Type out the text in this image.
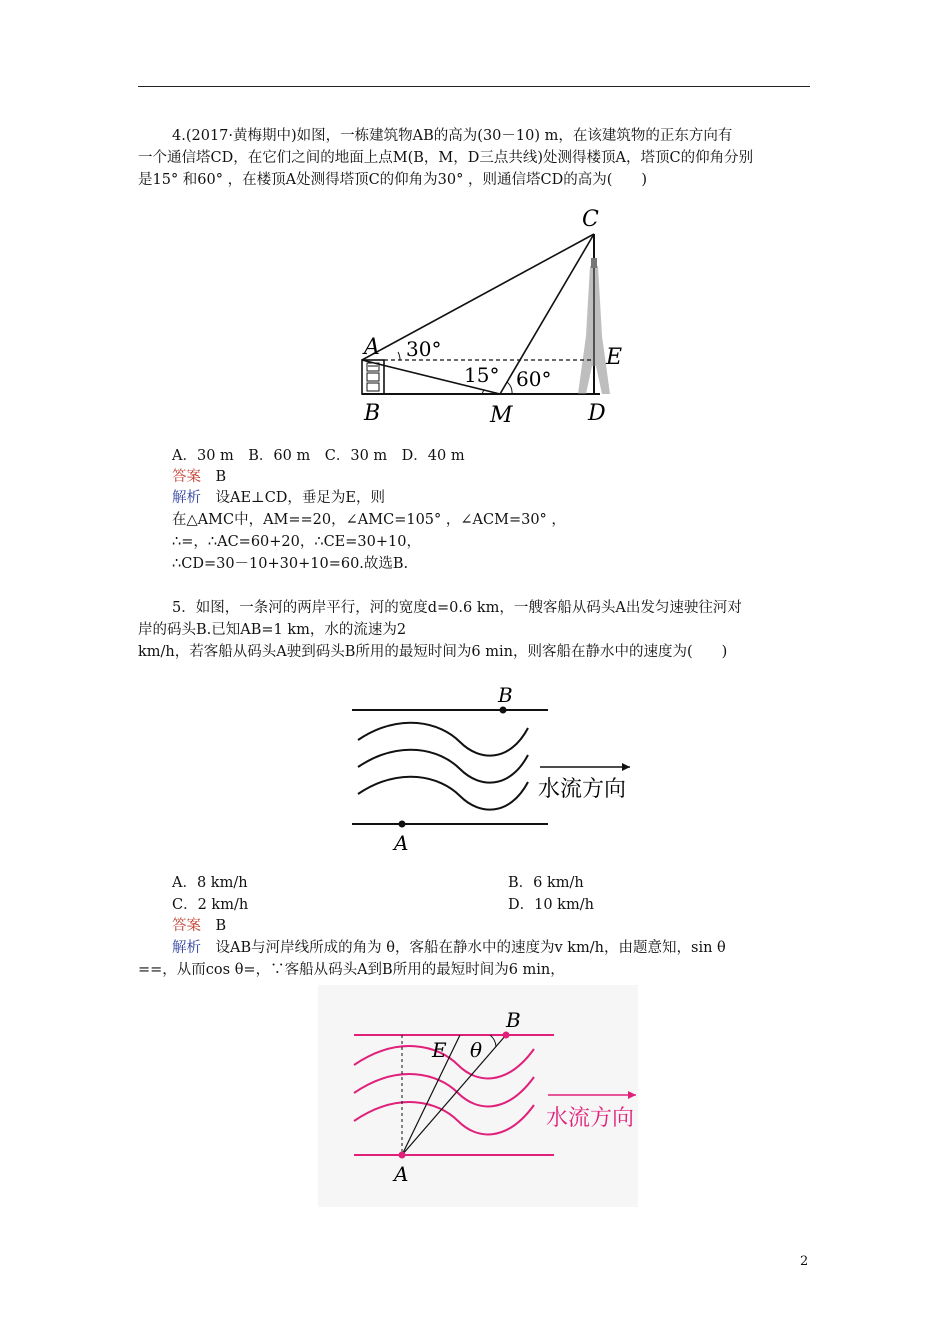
4.(2017·黄梅期中)如图，一栋建筑物AB的高为(30－10) m，在该建筑物的正东方向有
一个通信塔CD，在它们之间的地面上点M(B，M，D三点共线)处测得楼顶A，塔顶C的仰角分别
是15° 和60° ，在楼顶A处测得塔顶C的仰角为30° ，则通信塔CD的高为(　　)
C
A	E
B	M	D
30°
15° 60°
A．30 m　B．60 m　C．30 m　D．40 m
答案　 B
解析　 设AE⊥CD，垂足为E，则
在△AMC中，AM==20，∠AMC=105° ，∠ACM=30° ，
∴=，∴AC=60+20，∴CE=30+10，
∴CD=30－10+30+10=60.故选B.
5．如图，一条河的两岸平行，河的宽度d=0.6 km，一艘客船从码头A出发匀速驶往河对
岸的码头B.已知AB=1 km，水的流速为2
km/h，若客船从码头A驶到码头B所用的最短时间为6 min，则客船在静水中的速度为(　　)
B
A
水流方向
A．8 km/h	B．6 km/h
C．2 km/h	D．10 km/h
答案　 B
解析　 设AB与河岸线所成的角为 θ，客船在静水中的速度为v km/h，由题意知，sin θ
==，从而cos θ=，∵客船从码头A到B所用的最短时间为6 min，
B
A
E θ
水流方向
2
